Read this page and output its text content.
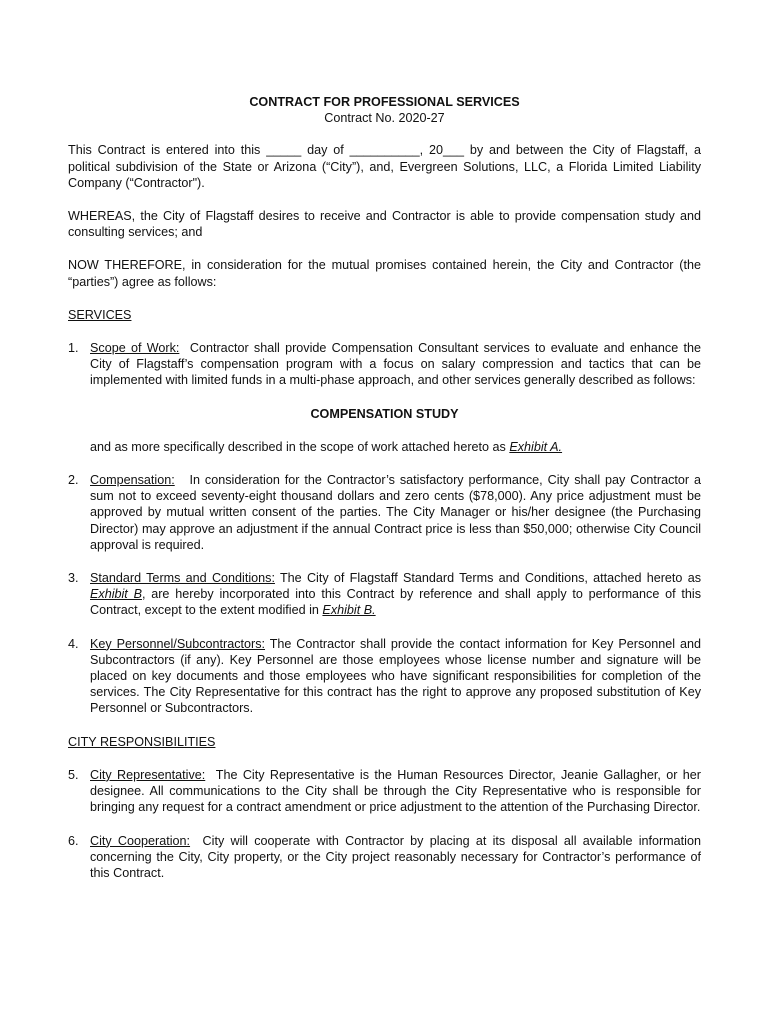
CONTRACT FOR PROFESSIONAL SERVICES

Contract No. 2020-27

This Contract is entered into this _____ day of __________, 20___ by and between the City of Flagstaff, a political subdivision of the State or Arizona (“City”), and, Evergreen Solutions, LLC, a Florida Limited Liability Company (“Contractor").

WHEREAS, the City of Flagstaff desires to receive and Contractor is able to provide compensation study and consulting services; and

NOW THEREFORE, in consideration for the mutual promises contained herein, the City and Contractor (the “parties”) agree as follows:

SERVICES

1. Scope of Work: Contractor shall provide Compensation Consultant services to evaluate and enhance the City of Flagstaff’s compensation program with a focus on salary compression and tactics that can be implemented with limited funds in a multi-phase approach, and other services generally described as follows:

COMPENSATION STUDY

and as more specifically described in the scope of work attached hereto as Exhibit A.

2. Compensation: In consideration for the Contractor’s satisfactory performance, City shall pay Contractor a sum not to exceed seventy-eight thousand dollars and zero cents ($78,000). Any price adjustment must be approved by mutual written consent of the parties. The City Manager or his/her designee (the Purchasing Director) may approve an adjustment if the annual Contract price is less than $50,000; otherwise City Council approval is required.
3. Standard Terms and Conditions: The City of Flagstaff Standard Terms and Conditions, attached hereto as Exhibit B, are hereby incorporated into this Contract by reference and shall apply to performance of this Contract, except to the extent modified in Exhibit B.
4. Key Personnel/Subcontractors: The Contractor shall provide the contact information for Key Personnel and Subcontractors (if any). Key Personnel are those employees whose license number and signature will be placed on key documents and those employees who have significant responsibilities for completion of the services. The City Representative for this contract has the right to approve any proposed substitution of Key Personnel or Subcontractors.

CITY RESPONSIBILITIES

5. City Representative: The City Representative is the Human Resources Director, Jeanie Gallagher, or her designee. All communications to the City shall be through the City Representative who is responsible for bringing any request for a contract amendment or price adjustment to the attention of the Purchasing Director.
6. City Cooperation: City will cooperate with Contractor by placing at its disposal all available information concerning the City, City property, or the City project reasonably necessary for Contractor’s performance of this Contract.
